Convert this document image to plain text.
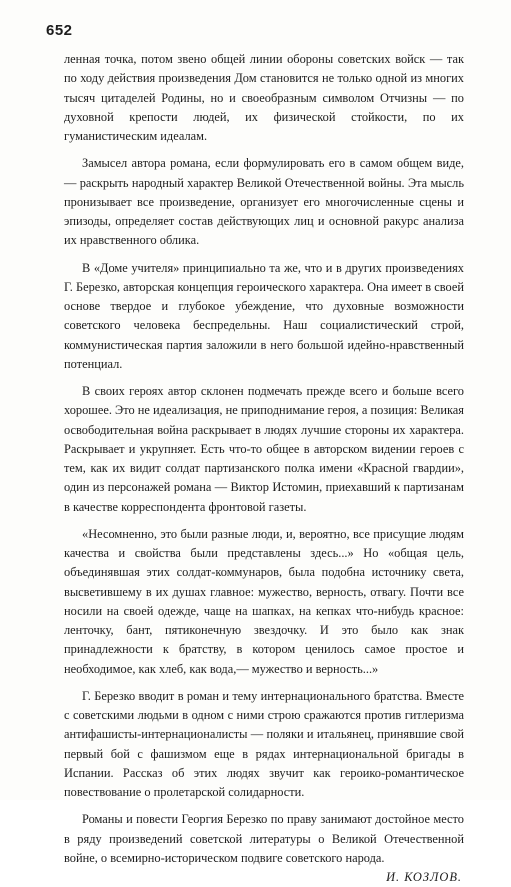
652

ленная точка, потом звено общей линии обороны советских войск — так по ходу действия произведения Дом становится не только одной из многих тысяч цитаделей Родины, но и своеобразным символом Отчизны — по духовной крепости людей, их физической стойкости, по их гуманистическим идеалам.

Замысел автора романа, если формулировать его в самом общем виде,— раскрыть народный характер Великой Отечественной войны. Эта мысль пронизывает все произведение, организует его многочисленные сцены и эпизоды, определяет состав действующих лиц и основной ракурс анализа их нравственного облика.

В «Доме учителя» принципиально та же, что и в других произведениях Г. Березко, авторская концепция героического характера. Она имеет в своей основе твердое и глубокое убеждение, что духовные возможности советского человека беспредельны. Наш социалистический строй, коммунистическая партия заложили в него большой идейно-нравственный потенциал.

В своих героях автор склонен подмечать прежде всего и больше всего хорошее. Это не идеализация, не приподнимание героя, а позиция: Великая освободительная война раскрывает в людях лучшие стороны их характера. Раскрывает и укрупняет. Есть что-то общее в авторском видении героев с тем, как их видит солдат партизанского полка имени «Красной гвардии», один из персонажей романа — Виктор Истомин, приехавший к партизанам в качестве корреспондента фронтовой газеты.

«Несомненно, это были разные люди, и, вероятно, все присущие людям качества и свойства были представлены здесь...» Но «общая цель, объединявшая этих солдат-коммунаров, была подобна источнику света, высветившему в их душах главное: мужество, верность, отвагу. Почти все носили на своей одежде, чаще на шапках, на кепках что-нибудь красное: ленточку, бант, пятиконечную звездочку. И это было как знак принадлежности к братству, в котором ценилось самое простое и необходимое, как хлеб, как вода,— мужество и верность...»

Г. Березко вводит в роман и тему интернационального братства. Вместе с советскими людьми в одном с ними строю сражаются против гитлеризма антифашисты-интернационалисты — поляки и итальянец, принявшие свой первый бой с фашизмом еще в рядах интернациональной бригады в Испании. Рассказ об этих людях звучит как героико-романтическое повествование о пролетарской солидарности.

Романы и повести Георгия Березко по праву занимают достойное место в ряду произведений советской литературы о Великой Отечественной войне, о всемирно-историческом подвиге советского народа.
И. КОЗЛОВ.
